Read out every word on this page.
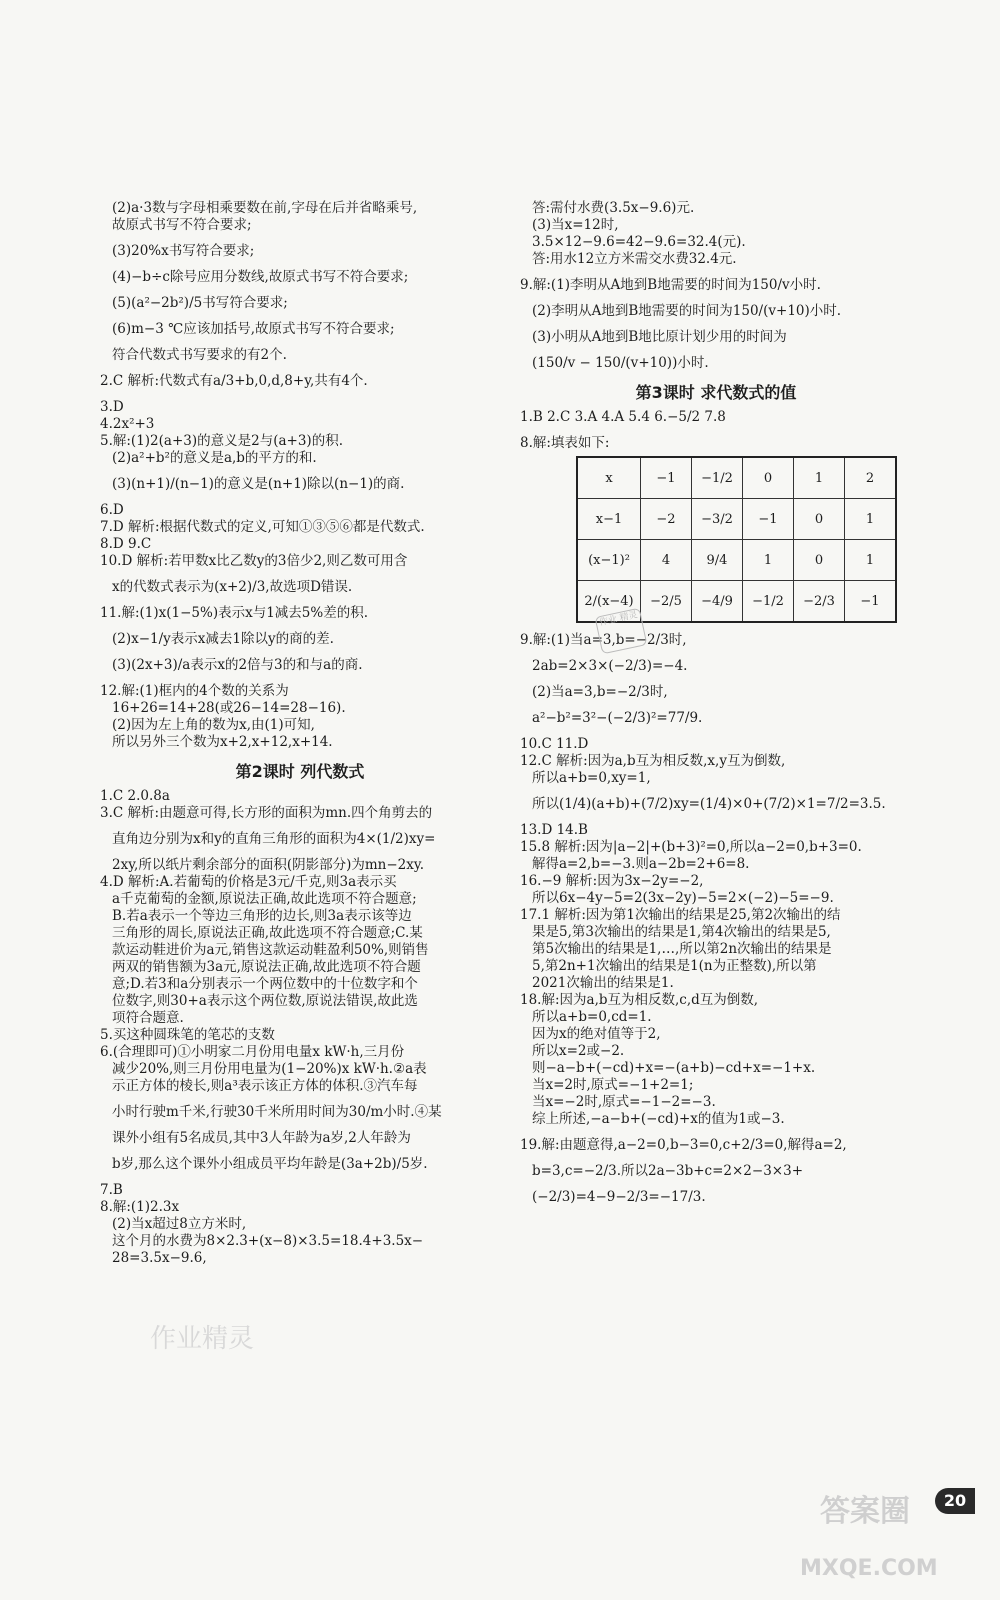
(2)a·3数与字母相乘要数在前,字母在后并省略乘号,
故原式书写不符合要求;
(3)20%x书写符合要求;
(4)−b÷c除号应用分数线,故原式书写不符合要求;
(5)(a²−2b²)/5书写符合要求;
(6)m−3 ℃应该加括号,故原式书写不符合要求;
符合代数式书写要求的有2个.
2.C 解析:代数式有a/3+b,0,d,8+y,共有4个.
3.D
4.2x²+3
5.解:(1)2(a+3)的意义是2与(a+3)的积.
(2)a²+b²的意义是a,b的平方的和.
(3)(n+1)/(n−1)的意义是(n+1)除以(n−1)的商.
6.D
7.D 解析:根据代数式的定义,可知①③⑤⑥都是代数式.
8.D 9.C
10.D 解析:若甲数x比乙数y的3倍少2,则乙数可用含
x的代数式表示为(x+2)/3,故选项D错误.
11.解:(1)x(1−5%)表示x与1减去5%差的积.
(2)x−1/y表示x减去1除以y的商的差.
(3)(2x+3)/a表示x的2倍与3的和与a的商.
12.解:(1)框内的4个数的关系为
16+26=14+28(或26−14=28−16).
(2)因为左上角的数为x,由(1)可知,
所以另外三个数为x+2,x+12,x+14.
第2课时 列代数式
1.C 2.0.8a
3.C 解析:由题意可得,长方形的面积为mn.四个角剪去的
直角边分别为x和y的直角三角形的面积为4×(1/2)xy=
2xy,所以纸片剩余部分的面积(阴影部分)为mn−2xy.
4.D 解析:A.若葡萄的价格是3元/千克,则3a表示买
a千克葡萄的金额,原说法正确,故此选项不符合题意;
B.若a表示一个等边三角形的边长,则3a表示该等边
三角形的周长,原说法正确,故此选项不符合题意;C.某
款运动鞋进价为a元,销售这款运动鞋盈利50%,则销售
两双的销售额为3a元,原说法正确,故此选项不符合题
意;D.若3和a分别表示一个两位数中的十位数字和个
位数字,则30+a表示这个两位数,原说法错误,故此选
项符合题意.
5.买这种圆珠笔的笔芯的支数
6.(合理即可)①小明家二月份用电量x kW·h,三月份
减少20%,则三月份用电量为(1−20%)x kW·h.②a表
示正方体的棱长,则a³表示该正方体的体积.③汽车每
小时行驶m千米,行驶30千米所用时间为30/m小时.④某
课外小组有5名成员,其中3人年龄为a岁,2人年龄为
b岁,那么这个课外小组成员平均年龄是(3a+2b)/5岁.
7.B
8.解:(1)2.3x
(2)当x超过8立方米时,
这个月的水费为8×2.3+(x−8)×3.5=18.4+3.5x−
28=3.5x−9.6,
答:需付水费(3.5x−9.6)元.
(3)当x=12时,
3.5×12−9.6=42−9.6=32.4(元).
答:用水12立方米需交水费32.4元.
9.解:(1)李明从A地到B地需要的时间为150/v小时.
(2)李明从A地到B地需要的时间为150/(v+10)小时.
(3)小明从A地到B地比原计划少用的时间为
(150/v − 150/(v+10))小时.
第3课时 求代数式的值
1.B 2.C 3.A 4.A 5.4 6.−5/2 7.8
8.解:填表如下:
x	−1	−1/2	0	1	2
x−1	−2	−3/2	−1	0	1
(x−1)²	4	9/4	1	0	1
2/(x−4)	−2/5	−4/9	−1/2	−2/3	−1
9.解:(1)当a=3,b=−2/3时,
2ab=2×3×(−2/3)=−4.
(2)当a=3,b=−2/3时,
a²−b²=3²−(−2/3)²=77/9.
10.C 11.D
12.C 解析:因为a,b互为相反数,x,y互为倒数,
所以a+b=0,xy=1,
所以(1/4)(a+b)+(7/2)xy=(1/4)×0+(7/2)×1=7/2=3.5.
13.D 14.B
15.8 解析:因为|a−2|+(b+3)²=0,所以a−2=0,b+3=0.
解得a=2,b=−3.则a−2b=2+6=8.
16.−9 解析:因为3x−2y=−2,
所以6x−4y−5=2(3x−2y)−5=2×(−2)−5=−9.
17.1 解析:因为第1次输出的结果是25,第2次输出的结
果是5,第3次输出的结果是1,第4次输出的结果是5,
第5次输出的结果是1,…,所以第2n次输出的结果是
5,第2n+1次输出的结果是1(n为正整数),所以第
2021次输出的结果是1.
18.解:因为a,b互为相反数,c,d互为倒数,
所以a+b=0,cd=1.
因为x的绝对值等于2,
所以x=2或−2.
则−a−b+(−cd)+x=−(a+b)−cd+x=−1+x.
当x=2时,原式=−1+2=1;
当x=−2时,原式=−1−2=−3.
综上所述,−a−b+(−cd)+x的值为1或−3.
19.解:由题意得,a−2=0,b−3=0,c+2/3=0,解得a=2,
b=3,c=−2/3.所以2a−3b+c=2×2−3×3+
(−2/3)=4−9−2/3=−17/3.
作业 精灵
作业精灵
答案圈
MXQE.COM
20
